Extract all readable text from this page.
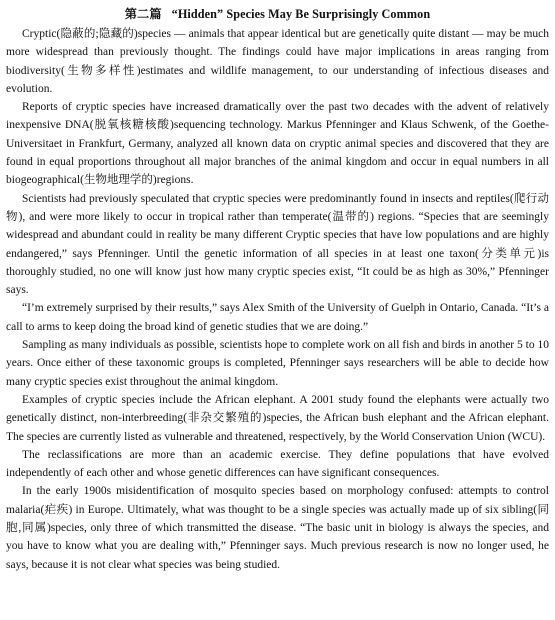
第二篇 “Hidden” Species May Be Surprisingly Common

Cryptic(隐蔽的;隐藏的)species — animals that appear identical but are genetically quite distant — may be much more widespread than previously thought. The findings could have major implications in areas ranging from biodiversity(生物多样性)estimates and wildlife management, to our understanding of infectious diseases and evolution.

Reports of cryptic species have increased dramatically over the past two decades with the advent of relatively inexpensive DNA(脱氧核糖核酸)sequencing technology. Markus Pfenninger and Klaus Schwenk, of the Goethe-Universitaet in Frankfurt, Germany, analyzed all known data on cryptic animal species and discovered that they are found in equal proportions throughout all major branches of the animal kingdom and occur in equal numbers in all biogeographical(生物地理学的)regions.

Scientists had previously speculated that cryptic species were predominantly found in insects and reptiles(爬行动物), and were more likely to occur in tropical rather than temperate(温带的) regions. “Species that are seemingly widespread and abundant could in reality be many different Cryptic species that have low populations and are highly endangered,” says Pfenninger. Until the genetic information of all species in at least one taxon(分类单元)is thoroughly studied, no one will know just how many cryptic species exist, “It could be as high as 30%,” Pfenninger says.

“I’m extremely surprised by their results,” says Alex Smith of the University of Guelph in Ontario, Canada. “It’s a call to arms to keep doing the broad kind of genetic studies that we are doing.”

Sampling as many individuals as possible, scientists hope to complete work on all fish and birds in another 5 to 10 years. Once either of these taxonomic groups is completed, Pfenninger says researchers will be able to decide how many cryptic species exist throughout the animal kingdom.

Examples of cryptic species include the African elephant. A 2001 study found the elephants were actually two genetically distinct, non-interbreeding(非杂交繁殖的)species, the African bush elephant and the African elephant. The species are currently listed as vulnerable and threatened, respectively, by the World Conservation Union (WCU).

The reclassifications are more than an academic exercise. They define populations that have evolved independently of each other and whose genetic differences can have significant consequences.

In the early 1900s misidentification of mosquito species based on morphology confused: attempts to control malaria(疟疾) in Europe. Ultimately, what was thought to be a single species was actually made up of six sibling(同胞,同属)species, only three of which transmitted the disease. “The basic unit in biology is always the species, and you have to know what you are dealing with,” Pfenninger says. Much previous research is now no longer used, he says, because it is not clear what species was being studied.
